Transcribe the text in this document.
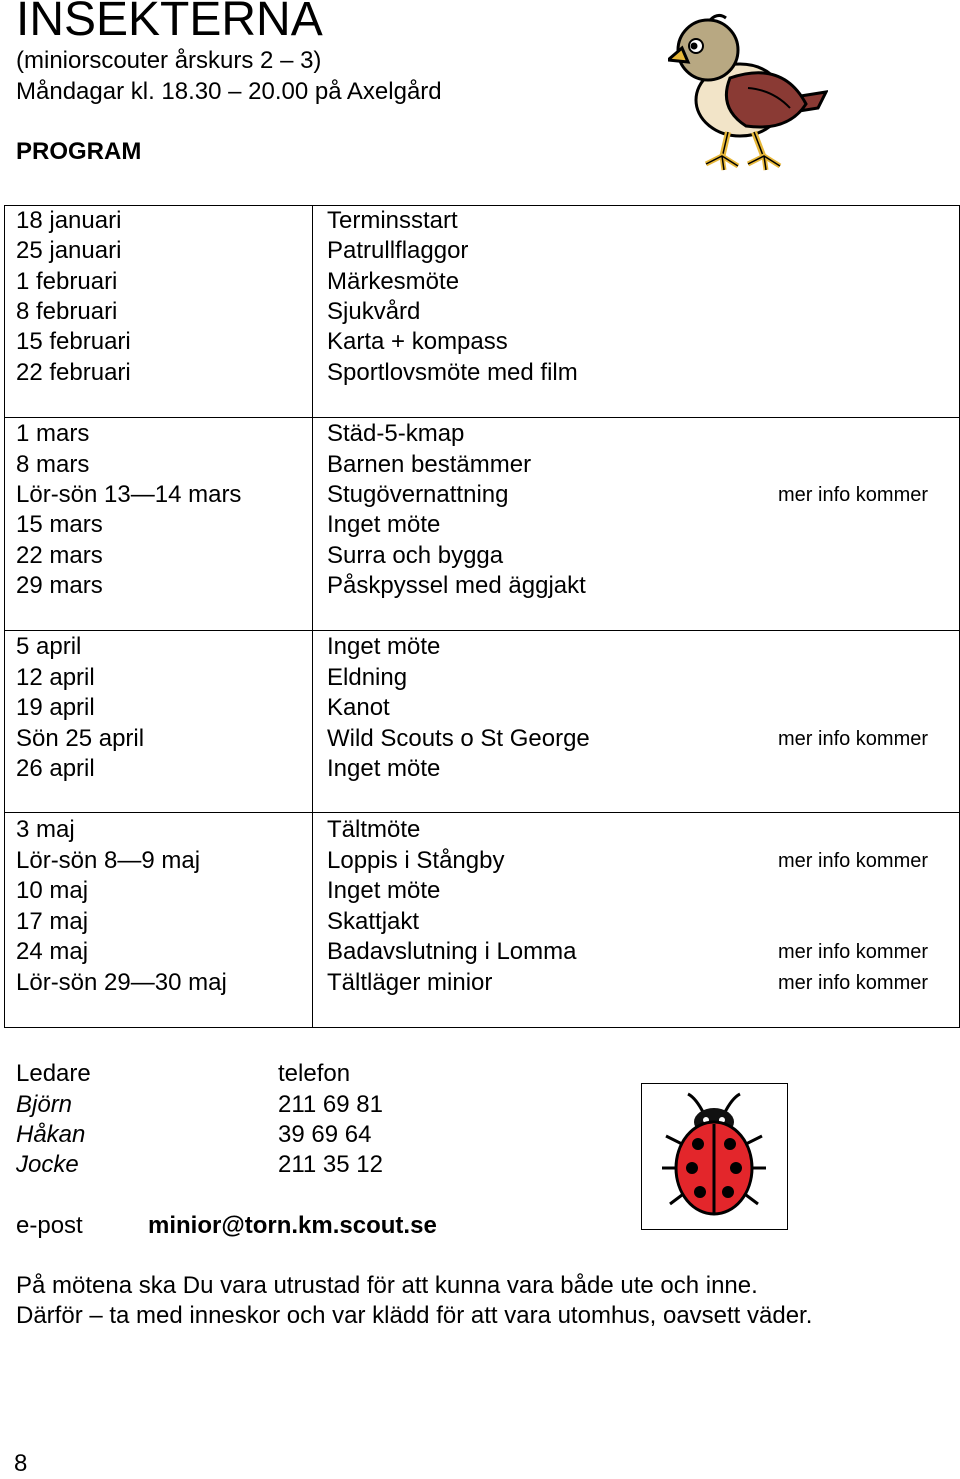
INSEKTERNA
(miniorscouter årskurs 2 – 3)
Måndagar kl. 18.30 – 20.00 på Axelgård
PROGRAM
18 januari	Terminsstart
25 januari	Patrullflaggor
1 februari	Märkesmöte
8 februari	Sjukvård
15 februari	Karta + kompass
22 februari	Sportlovsmöte med film
1 mars	Städ-5-kmap
8 mars	Barnen bestämmer
Lör-sön 13—14 mars	Stugövernattning	mer info kommer
15 mars	Inget möte
22 mars	Surra och bygga
29 mars	Påskpyssel med äggjakt
5 april	Inget möte
12 april	Eldning
19 april	Kanot
Sön 25 april	Wild Scouts o St George	mer info kommer
26 april	Inget möte
3 maj	Tältmöte
Lör-sön 8—9 maj	Loppis i Stångby	mer info kommer
10 maj	Inget möte
17 maj	Skattjakt
24 maj	Badavslutning i Lomma	mer info kommer
Lör-sön 29—30 maj	Tältläger minior	mer info kommer
Ledare	telefon
Björn	211 69 81
Håkan	39 69 64
Jocke	211 35 12
e-post	minior@torn.km.scout.se
På mötena ska Du vara utrustad för att kunna vara både ute och inne.
Därför – ta med inneskor och var klädd för att vara utomhus, oavsett väder.
8
